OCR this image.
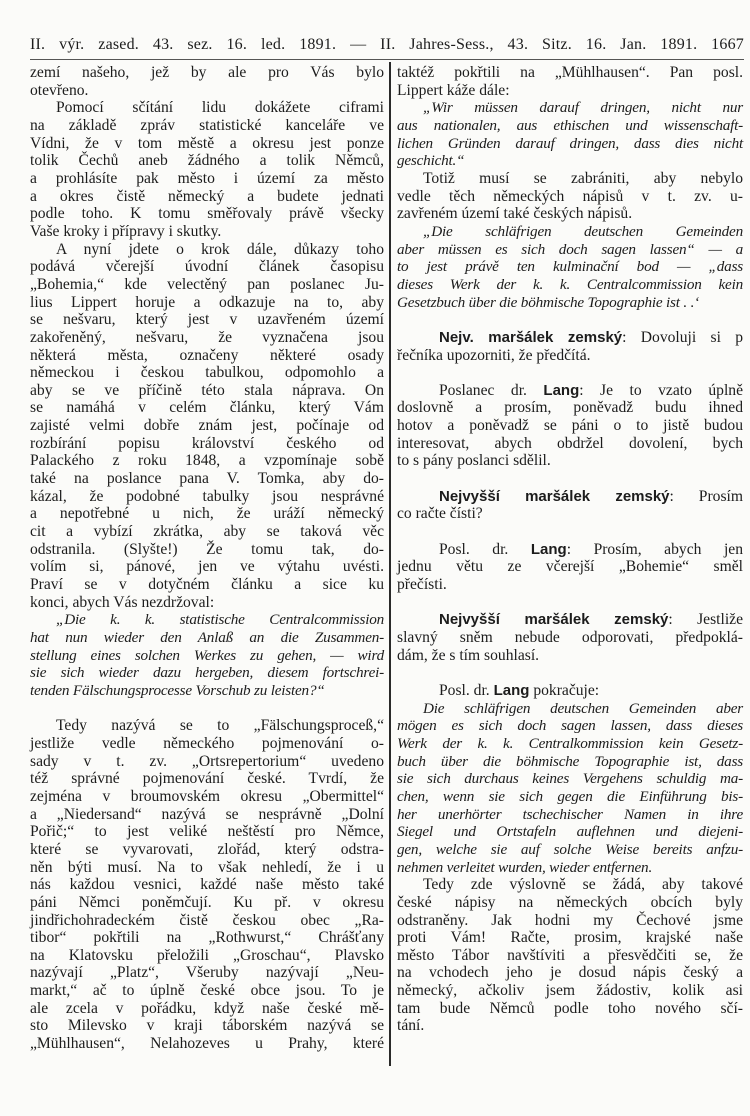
II. výr. zased. 43. sez. 16. led. 1891. — II. Jahres-Sess., 43. Sitz. 16. Jan. 1891. 1667
zemí našeho, jež by ale pro Vás bylo
otevřeno.
Pomocí sčítání lidu dokážete ciframi
na základě zpráv statistické kanceláře ve
Vídni, že v tom městě a okresu jest ponze
tolik Čechů aneb žádného a tolik Němců,
a prohlásíte pak město i území za město
a okres čistě německý a budete jednati
podle toho. K tomu směřovaly právě všecky
Vaše kroky i přípravy i skutky.
A nyní jdete o krok dále, důkazy toho
podává včerejší úvodní článek časopisu
„Bohemia,“ kde velectěný pan poslanec Ju-
lius Lippert horuje a odkazuje na to, aby
se nešvaru, který jest v uzavřeném území
zakořeněný, nešvaru, že vyznačena jsou
některá města, označeny některé osady
německou i českou tabulkou, odpomohlo a
aby se ve příčině této stala náprava. On
se namáhá v celém článku, který Vám
zajisté velmi dobře znám jest, počínaje od
rozbírání popisu království českého od
Palackého z roku 1848, a vzpomínaje sobě
také na poslance pana V. Tomka, aby do-
kázal, že podobné tabulky jsou nesprávné
a nepotřebné u nich, že uráží německý
cit a vybízí zkrátka, aby se taková věc
odstranila. (Slyšte!) Že tomu tak, do-
volím si, pánové, jen ve výtahu uvésti.
Praví se v dotyčném článku a sice ku
konci, abych Vás nezdržoval:
„Die k. k. statistische Centralcommission
hat nun wieder den Anlaß an die Zusammen-
stellung eines solchen Werkes zu gehen, — wird
sie sich wieder dazu hergeben, diesem fortschrei-
tenden Fälschungsprocesse Vorschub zu leisten?“
Tedy nazývá se to „Fälschungsproceß,“
jestliže vedle německého pojmenování o-
sady v t. zv. „Ortsrepertorium“ uvedeno
též správné pojmenování české. Tvrdí, že
zejména v broumovském okresu „Obermittel“
a „Niedersand“ nazývá se nesprávně „Dolní
Pořič;“ to jest veliké neštěstí pro Němce,
které se vyvarovati, zlořád, který odstra-
něn býti musí. Na to však nehledí, že i u
nás každou vesnici, každé naše město také
páni Němci poněmčují. Ku př. v okresu
jindřichohradeckém čistě českou obec „Ra-
tibor“ pokřtili na „Rothwurst,“ Chrášťany
na Klatovsku přeložili „Groschau“, Plavsko
nazývají „Platz“, Všeruby nazývají „Neu-
markt,“ ač to úplně české obce jsou. To je
ale zcela v pořádku, když naše české mě-
sto Milevsko v kraji táborském nazývá se
„Mühlhausen“, Nelahozeves u Prahy, které
taktéž pokřtili na „Mühlhausen“. Pan posl.
Lippert káže dále:
„Wir müssen darauf dringen, nicht nur
aus nationalen, aus ethischen und wissenschaft-
lichen Gründen darauf dringen, dass dies nicht
geschicht.“
Totiž musí se zabrániti, aby nebylo
vedle těch německých nápisů v t. zv. u-
zavřeném území také českých nápisů.
„Die schläfrigen deutschen Gemeinden
aber müssen es sich doch sagen lassen“ — a
to jest právě ten kulminační bod — „dass
dieses Werk der k. k. Centralcommission kein
Gesetzbuch über die böhmische Topographie ist . .‘
Nejv. maršálek zemský: Dovoluji si p
řečníka upozorniti, že předčítá.
Poslanec dr. Lang: Je to vzato úplně
doslovně a prosím, poněvadž budu ihned
hotov a poněvadž se páni o to jistě budou
interesovat, abych obdržel dovolení, bych
to s pány poslanci sdělil.
Nejvyšší maršálek zemský: Prosím
co račte čísti?
Posl. dr. Lang: Prosím, abych jen
jednu větu ze včerejší „Bohemie“ směl
přečísti.
Nejvyšší maršálek zemský: Jestliže
slavný sněm nebude odporovati, předpoklá-
dám, že s tím souhlasí.
Posl. dr. Lang pokračuje:
Die schläfrigen deutschen Gemeinden aber
mögen es sich doch sagen lassen, dass dieses
Werk der k. k. Centralkommission kein Gesetz-
buch über die böhmische Topographie ist, dass
sie sich durchaus keines Vergehens schuldig ma-
chen, wenn sie sich gegen die Einführung bis-
her unerhörter tschechischer Namen in ihre
Siegel und Ortstafeln auflehnen und diejeni-
gen, welche sie auf solche Weise bereits anfzu-
nehmen verleitet wurden, wieder entfernen.
Tedy zde výslovně se žádá, aby takové
české nápisy na německých obcích byly
odstraněny. Jak hodni my Čechové jsme
proti Vám! Račte, prosim, krajské naše
město Tábor navštíviti a přesvědčiti se, že
na vchodech jeho je dosud nápis český a
německý, ačkoliv jsem žádostiv, kolik asi
tam bude Němců podle toho nového sčí-
tání.
